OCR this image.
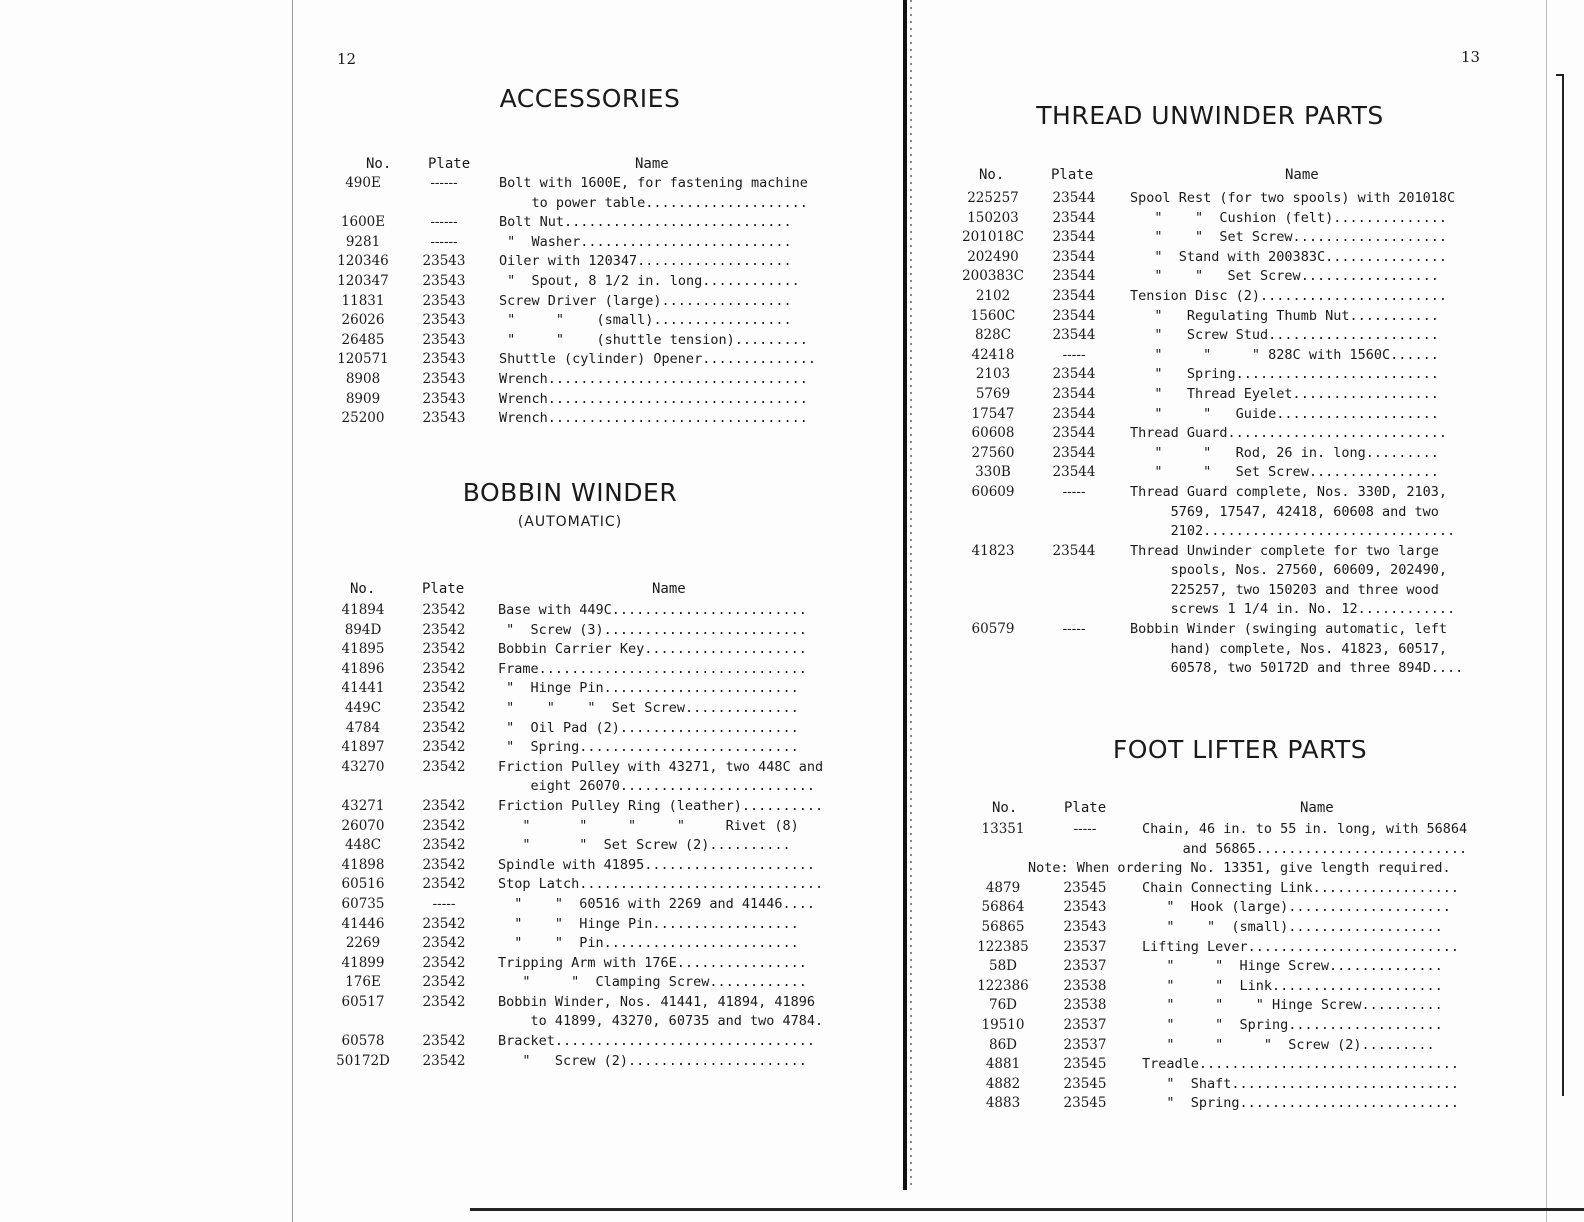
12
ACCESSORIES
No.	Plate	Name
490E	------	Bolt with 1600E, for fastening machine
to power table....................
1600E	------	Bolt Nut............................
9281	------	"  Washer..........................
120346	23543	Oiler with 120347...................
120347	23543	"  Spout, 8 1/2 in. long............
11831	23543	Screw Driver (large)................
26026	23543	"     "    (small).................
26485	23543	"     "    (shuttle tension).........
120571	23543	Shuttle (cylinder) Opener..............
8908	23543	Wrench................................
8909	23543	Wrench................................
25200	23543	Wrench................................
BOBBIN WINDER
(AUTOMATIC)
No.	Plate	Name
41894	23542	Base with 449C........................
894D	23542	"  Screw (3).........................
41895	23542	Bobbin Carrier Key....................
41896	23542	Frame.................................
41441	23542	"  Hinge Pin........................
449C	23542	"    "    "  Set Screw..............
4784	23542	"  Oil Pad (2)......................
41897	23542	"  Spring...........................
43270	23542	Friction Pulley with 43271, two 448C and
eight 26070........................
43271	23542	Friction Pulley Ring (leather)..........
26070	23542	"      "     "     "     Rivet (8)
448C	23542	"      "  Set Screw (2)..........
41898	23542	Spindle with 41895.....................
60516	23542	Stop Latch..............................
60735	-----	"    "  60516 with 2269 and 41446....
41446	23542	"    "  Hinge Pin..................
2269	23542	"    "  Pin........................
41899	23542	Tripping Arm with 176E................
176E	23542	"     "  Clamping Screw............
60517	23542	Bobbin Winder, Nos. 41441, 41894, 41896
to 41899, 43270, 60735 and two 4784.
60578	23542	Bracket................................
50172D	23542	"   Screw (2)......................
13
THREAD UNWINDER PARTS
No.	Plate	Name
225257	23544	Spool Rest (for two spools) with 201018C
150203	23544	"    "  Cushion (felt)..............
201018C	23544	"    "  Set Screw...................
202490	23544	"  Stand with 200383C...............
200383C	23544	"    "   Set Screw.................
2102	23544	Tension Disc (2).......................
1560C	23544	"   Regulating Thumb Nut...........
828C	23544	"   Screw Stud.....................
42418	-----	"     "     " 828C with 1560C......
2103	23544	"   Spring.........................
5769	23544	"   Thread Eyelet..................
17547	23544	"     "   Guide....................
60608	23544	Thread Guard...........................
27560	23544	"     "   Rod, 26 in. long.........
330B	23544	"     "   Set Screw................
60609	-----	Thread Guard complete, Nos. 330D, 2103,
5769, 17547, 42418, 60608 and two
2102...............................
41823	23544	Thread Unwinder complete for two large
spools, Nos. 27560, 60609, 202490,
225257, two 150203 and three wood
screws 1 1/4 in. No. 12............
60579	-----	Bobbin Winder (swinging automatic, left
hand) complete, Nos. 41823, 60517,
60578, two 50172D and three 894D....
FOOT LIFTER PARTS
No.	Plate	Name
13351	-----	Chain, 46 in. to 55 in. long, with 56864
and 56865..........................
Note: When ordering No. 13351, give length required.
4879	23545	Chain Connecting Link..................
56864	23543	"  Hook (large)....................
56865	23543	"    "  (small)...................
122385	23537	Lifting Lever..........................
58D	23537	"     "  Hinge Screw..............
122386	23538	"     "  Link.....................
76D	23538	"     "    " Hinge Screw..........
19510	23537	"     "  Spring...................
86D	23537	"     "     "  Screw (2).........
4881	23545	Treadle................................
4882	23545	"  Shaft............................
4883	23545	"  Spring...........................
